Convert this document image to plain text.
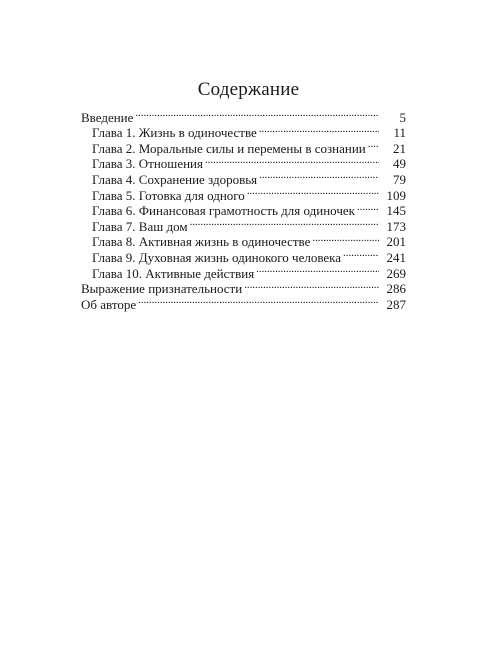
Содержание
Введение . . .	5
Глава 1. Жизнь в одиночестве . . .	11
Глава 2. Моральные силы и перемены в сознании . . .	21
Глава 3. Отношения . . .	49
Глава 4. Сохранение здоровья . . .	79
Глава 5. Готовка для одного . . .	109
Глава 6. Финансовая грамотность для одиночек . . .	145
Глава 7. Ваш дом . . .	173
Глава 8. Активная жизнь в одиночестве . . .	201
Глава 9. Духовная жизнь одинокого человека . . .	241
Глава 10. Активные действия . . .	269
Выражение признательности . . .	286
Об авторе . . .	287
